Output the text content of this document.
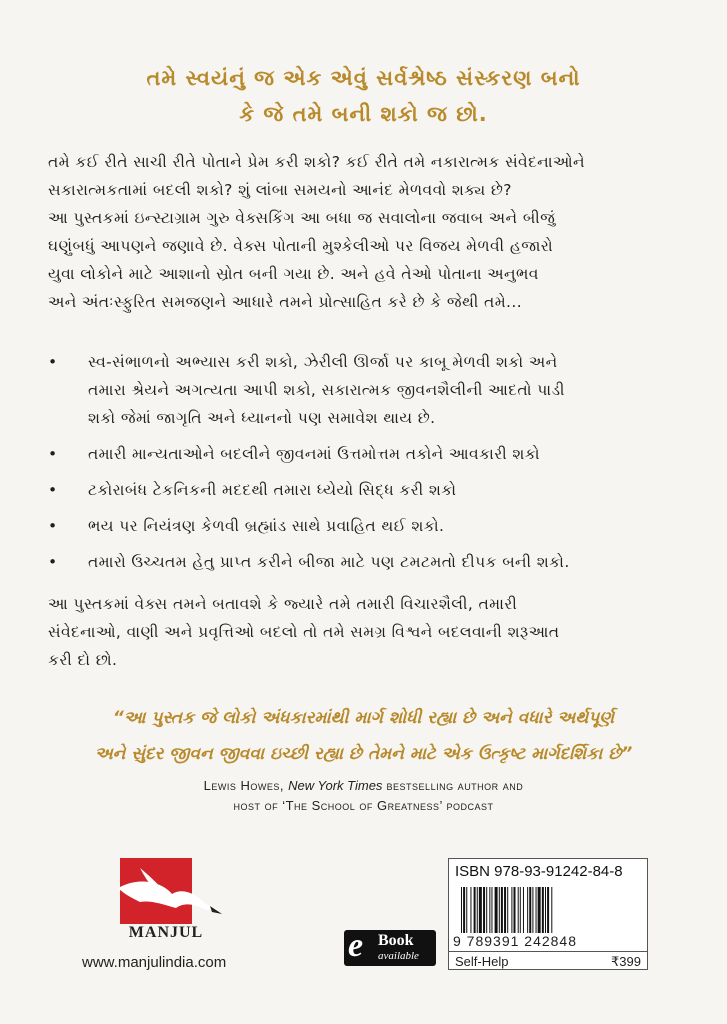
તમે સ્વયંનું જ એક એવું સર્વશ્રેષ્ઠ સંસ્કરણ બનો
કે જે તમે બની શકો જ છો.
તમે કઈ રીતે સાચી રીતે પોતાને પ્રેમ કરી શકો? કઈ રીતે તમે નકારાત્મક સંવેદનાઓને
સકારાત્મકતામાં બદલી શકો? શું લાંબા સમયનો આનંદ મેળવવો શક્ય છે?
આ પુસ્તકમાં ઇન્સ્ટાગ્રામ ગુરુ વેક્સકિંગ આ બધા જ સવાલોના જવાબ અને બીજું
ઘણુંબધું આપણને જણાવે છે. વેક્સ પોતાની મુશ્કેલીઓ પર વિજય મેળવી હજારો
યુવા લોકોને માટે આશાનો સ્રોત બની ગયા છે. અને હવે તેઓ પોતાના અનુભવ
અને અંતઃસ્ફુરિત સમજણને આધારે તમને પ્રોત્સાહિત કરે છે કે જેથી તમે...
• સ્વ-સંભાળનો અભ્યાસ કરી શકો, ઝેરીલી ઊર્જા પર કાબૂ મેળવી શકો અને
તમારા શ્રેયને અગત્યતા આપી શકો, સકારાત્મક જીવનશૈલીની આદતો પાડી
શકો જેમાં જાગૃતિ અને ધ્યાનનો પણ સમાવેશ થાય છે.
• તમારી માન્યતાઓને બદલીને જીવનમાં ઉત્તમોત્તમ તકોને આવકારી શકો
• ટકોરાબંધ ટેકનિકની મદદથી તમારા ધ્યેયો સિદ્ધ કરી શકો
• ભય પર નિયંત્રણ કેળવી બ્રહ્માંડ સાથે પ્રવાહિત થઈ શકો.
• તમારો ઉચ્ચતમ હેતુ પ્રાપ્ત કરીને બીજા માટે પણ ટમટમતો દીપક બની શકો.
આ પુસ્તકમાં વેક્સ તમને બતાવશે કે જ્યારે તમે તમારી વિચારશૈલી, તમારી
સંવેદનાઓ, વાણી અને પ્રવૃત્તિઓ બદલો તો તમે સમગ્ર વિશ્વને બદલવાની શરૂઆત
કરી દો છો.
“આ પુસ્તક જે લોકો અંધકારમાંથી માર્ગ શોધી રહ્યા છે અને વધારે અર્થપૂર્ણ
અને સુંદર જીવન જીવવા ઇચ્છી રહ્યા છે તેમને માટે એક ઉત્કૃષ્ટ માર્ગદર્શિકા છે”
Lewis Howes, New York Times bestselling author and
host of ‘The School of Greatness’ podcast
MANJUL
www.manjulindia.com	e Book
available
ISBN 978-93-91242-84-8
9 789391 242848
Self-Help	₹399
